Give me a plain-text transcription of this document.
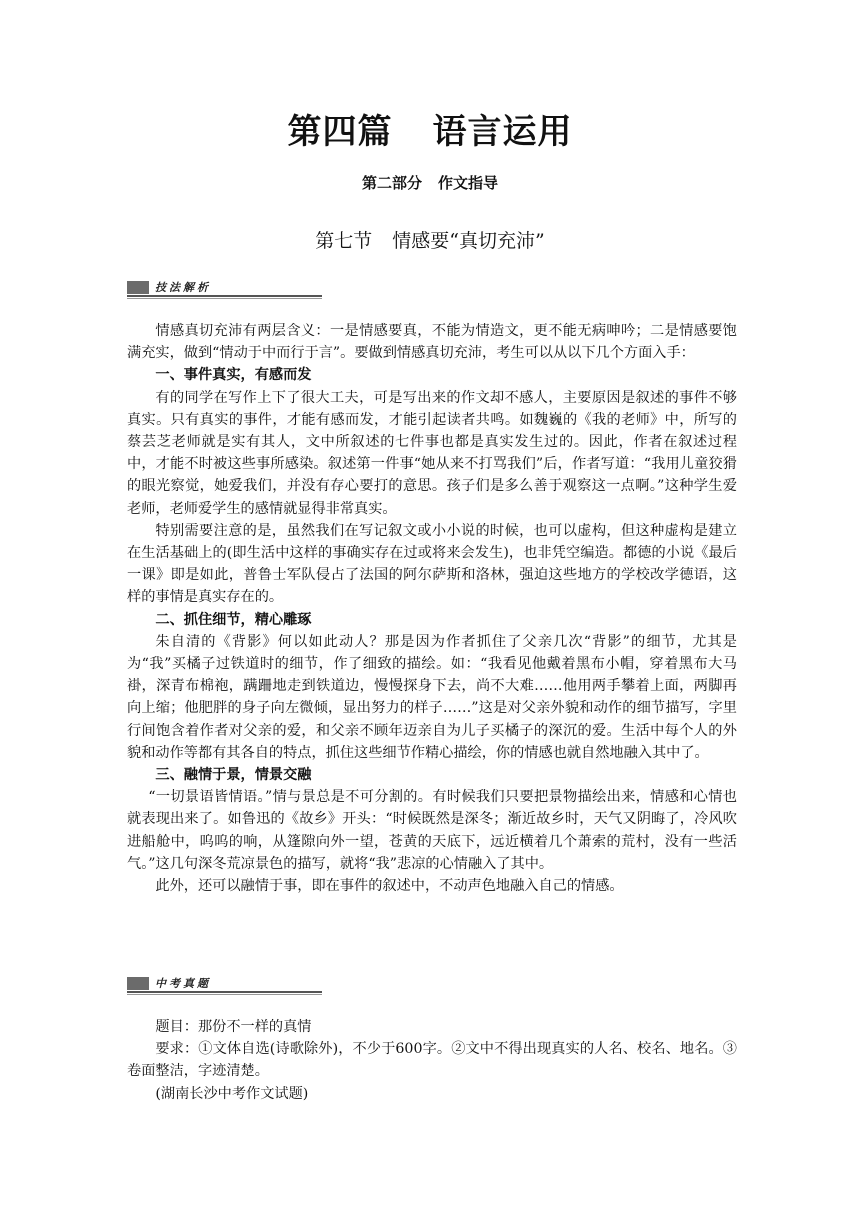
第四篇 语言运用
第二部分 作文指导
第七节 情感要“真切充沛”
技法解析

情感真切充沛有两层含义：一是情感要真，不能为情造文，更不能无病呻吟；二是情感要饱满充实，做到“情动于中而行于言”。要做到情感真切充沛，考生可以从以下几个方面入手：

一、事件真实，有感而发

有的同学在写作上下了很大工夫，可是写出来的作文却不感人，主要原因是叙述的事件不够真实。只有真实的事件，才能有感而发，才能引起读者共鸣。如魏巍的《我的老师》中，所写的蔡芸芝老师就是实有其人，文中所叙述的七件事也都是真实发生过的。因此，作者在叙述过程中，才能不时被这些事所感染。叙述第一件事“她从来不打骂我们”后，作者写道：“我用儿童狡猾的眼光察觉，她爱我们，并没有存心要打的意思。孩子们是多么善于观察这一点啊。”这种学生爱老师，老师爱学生的感情就显得非常真实。

特别需要注意的是，虽然我们在写记叙文或小小说的时候，也可以虚构，但这种虚构是建立在生活基础上的(即生活中这样的事确实存在过或将来会发生)，也非凭空编造。都德的小说《最后一课》即是如此，普鲁士军队侵占了法国的阿尔萨斯和洛林，强迫这些地方的学校改学德语，这样的事情是真实存在的。

二、抓住细节，精心雕琢

朱自清的《背影》何以如此动人？那是因为作者抓住了父亲几次“背影”的细节，尤其是为“我”买橘子过铁道时的细节，作了细致的描绘。如：“我看见他戴着黑布小帽，穿着黑布大马褂，深青布棉袍，蹒跚地走到铁道边，慢慢探身下去，尚不大难……他用两手攀着上面，两脚再向上缩；他肥胖的身子向左微倾，显出努力的样子……”这是对父亲外貌和动作的细节描写，字里行间饱含着作者对父亲的爱，和父亲不顾年迈亲自为儿子买橘子的深沉的爱。生活中每个人的外貌和动作等都有其各自的特点，抓住这些细节作精心描绘，你的情感也就自然地融入其中了。

三、融情于景，情景交融

“一切景语皆情语。”情与景总是不可分割的。有时候我们只要把景物描绘出来，情感和心情也就表现出来了。如鲁迅的《故乡》开头：“时候既然是深冬；渐近故乡时，天气又阴晦了，冷风吹进船舱中，呜呜的响，从篷隙向外一望，苍黄的天底下，远近横着几个萧索的荒村，没有一些活气。”这几句深冬荒凉景色的描写，就将“我”悲凉的心情融入了其中。

此外，还可以融情于事，即在事件的叙述中，不动声色地融入自己的情感。

中考真题

题目：那份不一样的真情

要求：①文体自选(诗歌除外)，不少于600字。②文中不得出现真实的人名、校名、地名。③卷面整洁，字迹清楚。

(湖南长沙中考作文试题)
